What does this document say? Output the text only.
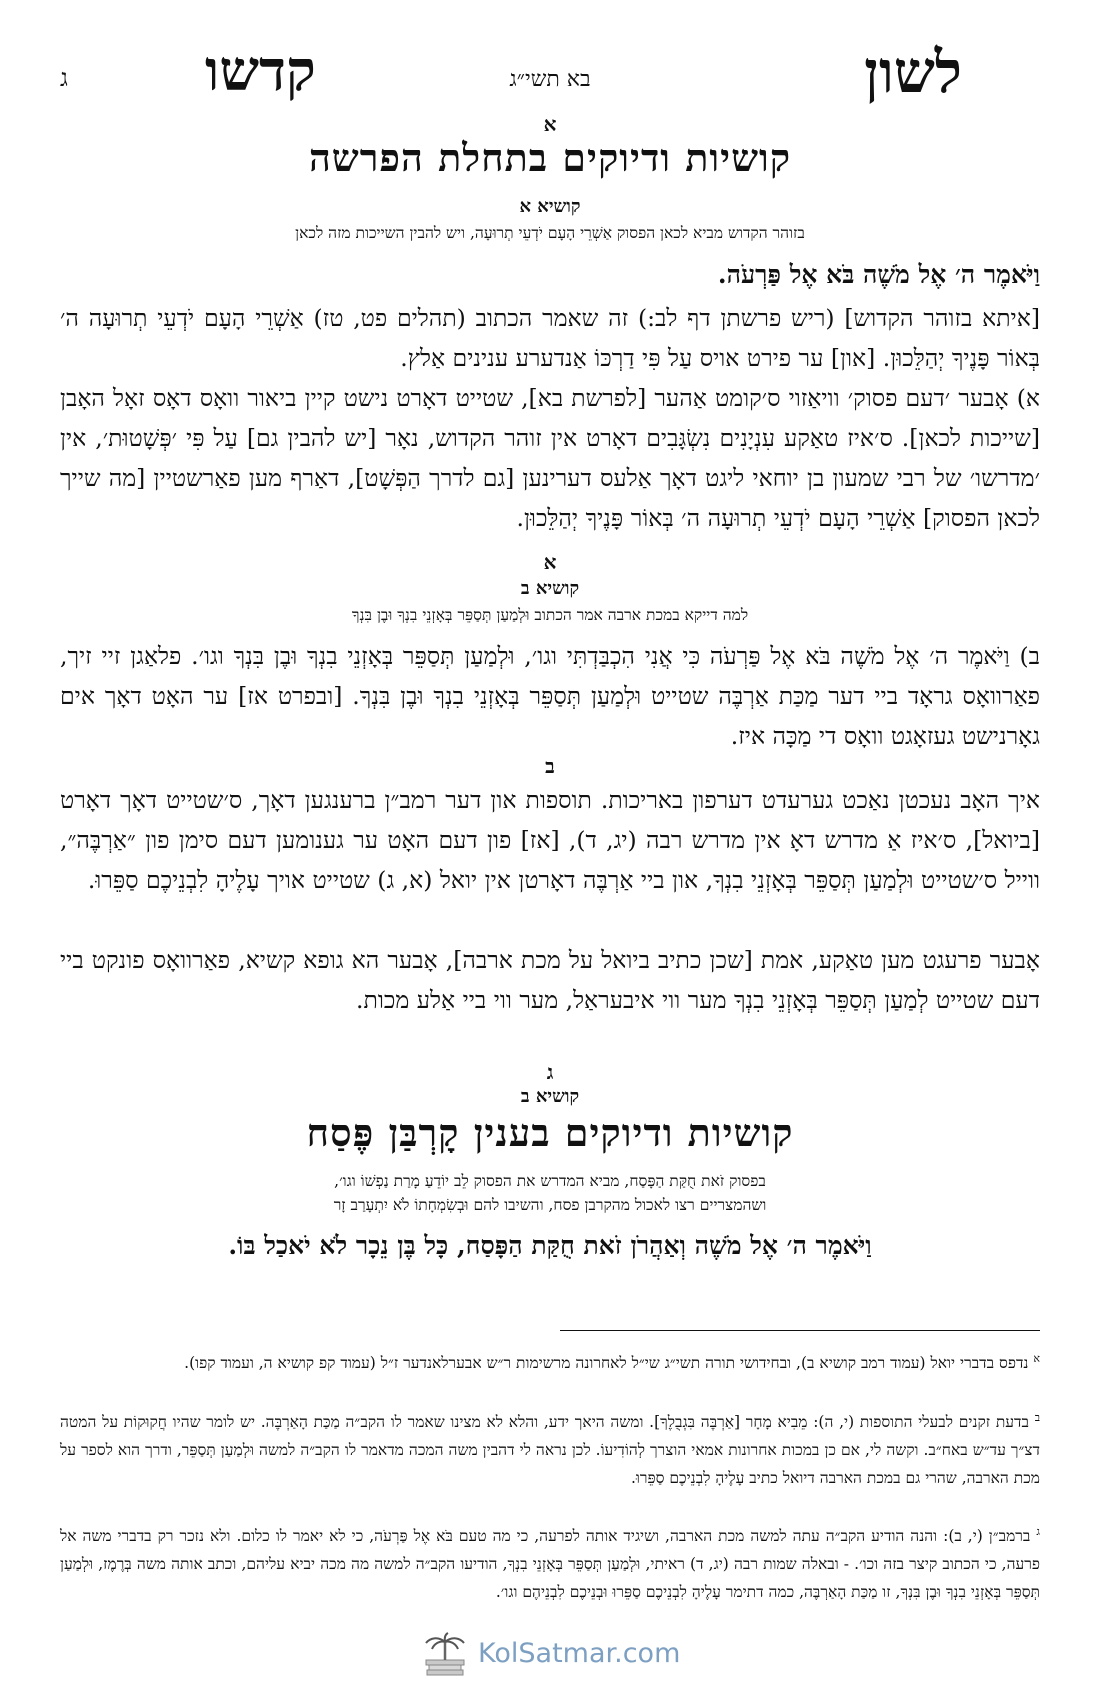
לשון
בא תשי״ג
קדשו
ג
א
קושיות ודיוקים בתחלת הפרשה
קושיא א
בזוהר הקדוש מביא לכאן הפסוק אַשְׁרֵי הָעָם יֹדְעֵי תְרוּעָה, ויש להבין השייכות מזה לכאן
וַיֹּאמֶר ה׳ אֶל מֹשֶׁה בֹּא אֶל פַּרְעֹה.
[איתא בזוהר הקדוש] (ריש פרשתן דף לב:) זה שאמר הכתוב (תהלים פט, טז) אַשְׁרֵי הָעָם יֹדְעֵי תְרוּעָה ה׳ בְּאוֹר פָּנֶיךָ יְהַלֵּכוּן. [און] ער פירט אויס עַל פִּי דַרְכּוֹ אַנדערע ענינים אַלץ.
א) אָבער ׳דעם פסוק׳ וויאַזוי ס׳קומט אַהער [לפרשת בא], שטייט דאָרט נישט קיין ביאור וואָס דאָס זאָל האָבן [שייכות לכאן]. ס׳איז טאַקע עִנְיָנִים נִשְׂגָּבִים דאָרט אין זוהר הקדוש, נאָר [יש להבין גם] עַל פִּי ׳פְּשָׁטוּת׳, אין ׳מדרשו׳ של רבי שמעון בן יוחאי ליגט דאָך אַלעס דערינען [גם לדרך הַפְּשָׁט], דאַרף מען פאַרשטיין [מה שייך לכאן הפסוק] אַשְׁרֵי הָעָם יֹדְעֵי תְרוּעָה ה׳ בְּאוֹר פָּנֶיךָ יְהַלֵּכוּן.
א
קושיא ב
למה דייקא במכת ארבה אמר הכתוב וּלְמַעַן תְּסַפֵּר בְּאָזְנֵי בִנְךָ וּבֶן בִּנְךָ
ב) וַיֹּאמֶר ה׳ אֶל מֹשֶׁה בֹּא אֶל פַּרְעֹה כִּי אֲנִי הִכְבַּדְתִּי וגו׳, וּלְמַעַן תְּסַפֵּר בְּאָזְנֵי בִנְךָ וּבֶן בִּנְךָ וגו׳. פלאַגן זיי זיך, פאַרוואָס גראָד ביי דער מַכַּת אַרְבֶּה שטייט וּלְמַעַן תְּסַפֵּר בְּאָזְנֵי בִנְךָ וּבֶן בִּנְךָ. [ובפרט אז] ער האָט דאָך אים גאָרנישט געזאָגט וואָס די מַכָּה איז.
ב
איך האָב נעכטן נאַכט גערעדט דערפון באריכות. תוספות און דער רמב״ן ברענגען דאָך, ס׳שטייט דאָך דאָרט [ביואל], ס׳איז אַ מדרש דאָ אין מדרש רבה (יג, ד), [אז] פון דעם האָט ער גענומען דעם סימן פון ״אַרְבֶּה״, ווייל ס׳שטייט וּלְמַעַן תְּסַפֵּר בְּאָזְנֵי בִנְךָ, און ביי אַרְבֶּה דאָרטן אין יואל (א, ג) שטייט אויך עָלֶיהָ לִבְנֵיכֶם סַפֵּרוּ.
אָבער פרעגט מען טאַקע, אמת [שכן כתיב ביואל על מכת ארבה], אָבער הא גופא קשיא, פאַרוואָס פונקט ביי דעם שטייט לְמַעַן תְּסַפֵּר בְּאָזְנֵי בִנְךָ מער ווי איבעראַל, מער ווי ביי אַלע מכות.
ג
קושיא ב
קושיות ודיוקים בענין קָרְבַּן פֶּסַח
בפסוק זֹאת חֻקַּת הַפָּסַח, מביא המדרש את הפסוק לֵב יוֹדֵעַ מָרַת נַפְשׁוֹ וגו׳,
ושהמצריים רצו לאכול מהקרבן פסח, והשיבו להם וּבְשִׂמְחָתוֹ לֹא יִתְעָרַב זָר
וַיֹּאמֶר ה׳ אֶל מֹשֶׁה וְאַהֲרֹן זֹאת חֻקַּת הַפָּסַח, כָּל בֶּן נֵכָר לֹא יֹאכַל בּוֹ.
$^א$ נדפס בדברי יואל (עמוד רמב קושיא ב), ובחידושי תורה תשי״ג שי״ל לאחרונה מרשימות ר״ש אבערלאנדער ז״ל (עמוד קפ קושיא ה, ועמוד קפו).
$^ב$ בדעת זקנים לבעלי התוספות (י, ה): מֵבִיא מָחָר [אַרְבֶּה בִּגְבֻלֶךָ]. ומשה היאך ידע, והלא לא מצינו שאמר לו הקב״ה מַכַּת הָאַרְבֶּה. יש לומר שהיו חֲקוּקוֹת על המטה דצ״ך עד״ש באח״ב. וקשה לי, אם כן במכות אחרונות אמאי הוצרך לְהוֹדִיעוֹ. לכן נראה לי דהבין משה המכה מדאמר לו הקב״ה למשה וּלְמַעַן תְּסַפֵּר, ודרך הוא לספר על מכת הארבה, שהרי גם במכת הארבה דיואל כתיב עָלֶיהָ לִבְנֵיכֶם סַפֵּרוּ.
$^ג$ ברמב״ן (י, ב): והנה הודיע הקב״ה עתה למשה מכת הארבה, ושיגיד אותה לפרעה, כי מה טעם בֹּא אֶל פַּרְעֹה, כי לא יאמר לו כלום. ולא נזכר רק בדברי משה אל פרעה, כי הכתוב קיצר בזה וכו׳. - ובאלה שמות רבה (יג, ד) ראיתי, וּלְמַעַן תְּסַפֵּר בְּאָזְנֵי בִנְךָ, הודיעו הקב״ה למשה מה מכה יביא עליהם, וכתב אותה משה בְּרֶמֶז, וּלְמַעַן תְּסַפֵּר בְּאָזְנֵי בִנְךָ וּבֶן בִּנְךָ, זו מַכַּת הָאַרְבֶּה, כמה דתימר עָלֶיהָ לִבְנֵיכֶם סַפֵּרוּ וּבְנֵיכֶם לִבְנֵיהֶם וגו׳.
KolSatmar.com
